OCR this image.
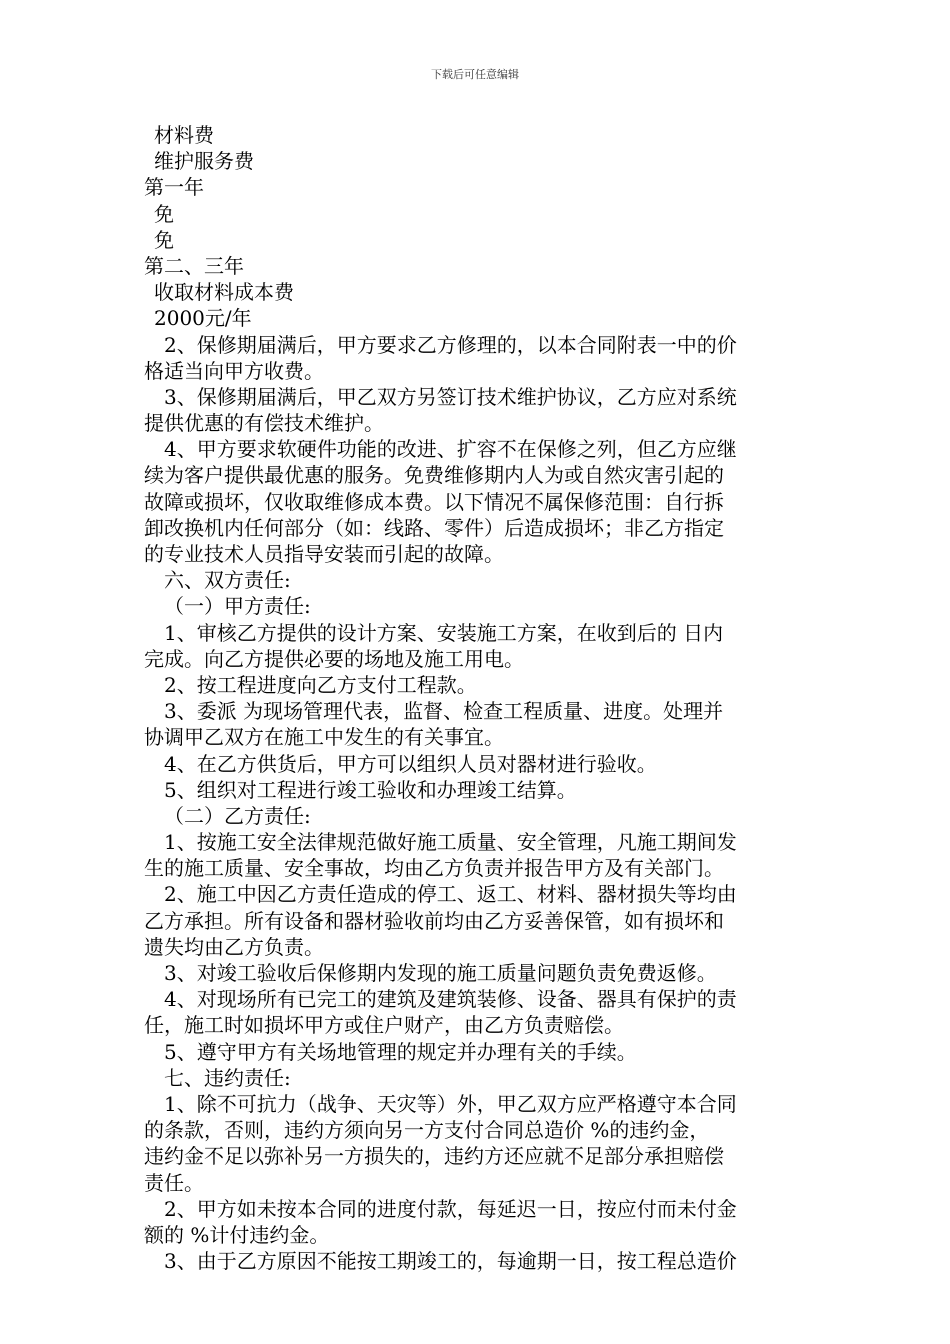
下载后可任意编辑
材料费
维护服务费
第一年
免
免
第二、三年
收取材料成本费
2000元/年
2、保修期届满后，甲方要求乙方修理的，以本合同附表一中的价
格适当向甲方收费。
3、保修期届满后，甲乙双方另签订技术维护协议，乙方应对系统
提供优惠的有偿技术维护。
4、甲方要求软硬件功能的改进、扩容不在保修之列，但乙方应继
续为客户提供最优惠的服务。免费维修期内人为或自然灾害引起的
故障或损坏，仅收取维修成本费。以下情况不属保修范围：自行拆
卸改换机内任何部分（如：线路、零件）后造成损坏；非乙方指定
的专业技术人员指导安装而引起的故障。
六、双方责任:
（一）甲方责任:
1、审核乙方提供的设计方案、安装施工方案，在收到后的 日内
完成。向乙方提供必要的场地及施工用电。
2、按工程进度向乙方支付工程款。
3、委派 为现场管理代表，监督、检查工程质量、进度。处理并
协调甲乙双方在施工中发生的有关事宜。
4、在乙方供货后，甲方可以组织人员对器材进行验收。
5、组织对工程进行竣工验收和办理竣工结算。
（二）乙方责任:
1、按施工安全法律规范做好施工质量、安全管理，凡施工期间发
生的施工质量、安全事故，均由乙方负责并报告甲方及有关部门。
2、施工中因乙方责任造成的停工、返工、材料、器材损失等均由
乙方承担。所有设备和器材验收前均由乙方妥善保管，如有损坏和
遗失均由乙方负责。
3、对竣工验收后保修期内发现的施工质量问题负责免费返修。
4、对现场所有已完工的建筑及建筑装修、设备、器具有保护的责
任，施工时如损坏甲方或住户财产，由乙方负责赔偿。
5、遵守甲方有关场地管理的规定并办理有关的手续。
七、违约责任:
1、除不可抗力（战争、天灾等）外，甲乙双方应严格遵守本合同
的条款，否则，违约方须向另一方支付合同总造价 %的违约金，
违约金不足以弥补另一方损失的，违约方还应就不足部分承担赔偿
责任。
2、甲方如未按本合同的进度付款，每延迟一日，按应付而未付金
额的 %计付违约金。
3、由于乙方原因不能按工期竣工的，每逾期一日，按工程总造价
